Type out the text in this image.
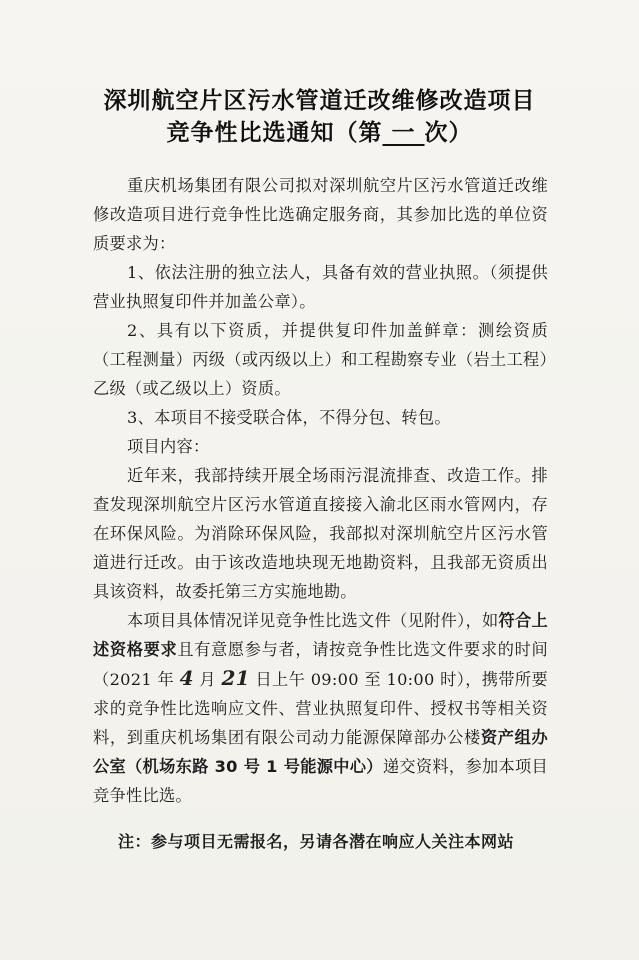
深圳航空片区污水管道迁改维修改造项目
竞争性比选通知（第 一 次）
重庆机场集团有限公司拟对深圳航空片区污水管道迁改维修改造项目进行竞争性比选确定服务商，其参加比选的单位资质要求为：
1、依法注册的独立法人，具备有效的营业执照。（须提供营业执照复印件并加盖公章）。
2、具有以下资质，并提供复印件加盖鲜章：测绘资质（工程测量）丙级（或丙级以上）和工程勘察专业（岩土工程）乙级（或乙级以上）资质。
3、本项目不接受联合体，不得分包、转包。
项目内容：
近年来，我部持续开展全场雨污混流排查、改造工作。排查发现深圳航空片区污水管道直接接入渝北区雨水管网内，存在环保风险。为消除环保风险，我部拟对深圳航空片区污水管道进行迁改。由于该改造地块现无地勘资料，且我部无资质出具该资料，故委托第三方实施地勘。
本项目具体情况详见竞争性比选文件（见附件），如符合上述资格要求且有意愿参与者，请按竞争性比选文件要求的时间（2021 年 4 月 21 日上午 09:00 至 10:00 时），携带所要求的竞争性比选响应文件、营业执照复印件、授权书等相关资料，到重庆机场集团有限公司动力能源保障部办公楼资产组办公室（机场东路 30 号 1 号能源中心）递交资料，参加本项目竞争性比选。
注：参与项目无需报名，另请各潜在响应人关注本网站
